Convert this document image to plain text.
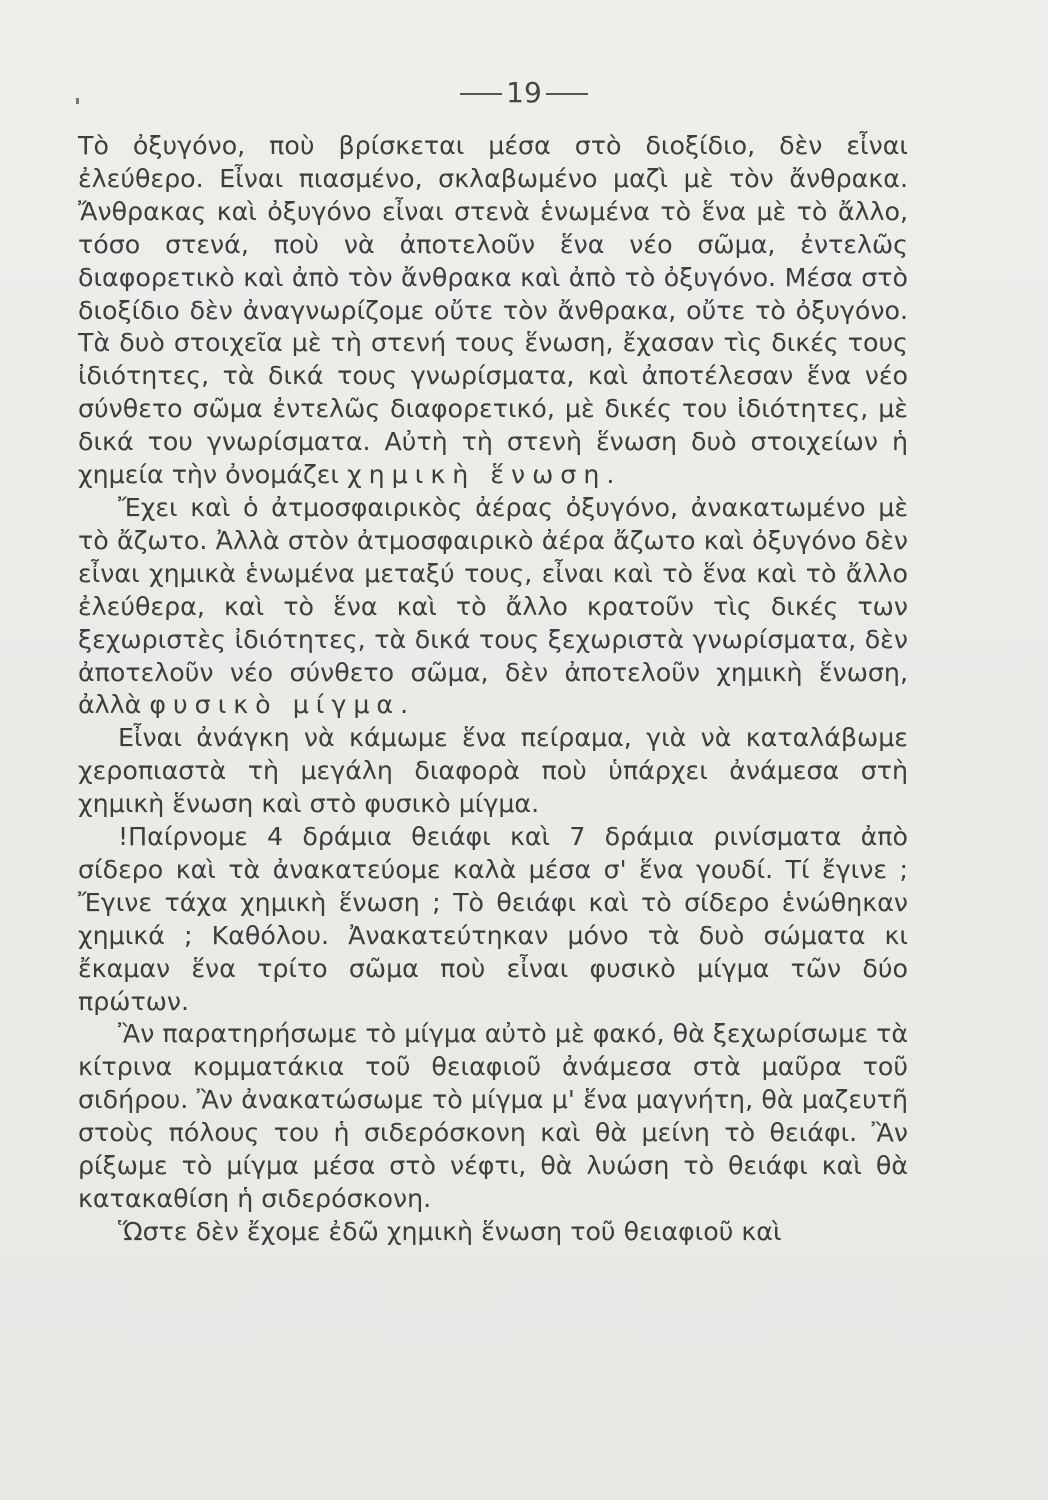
19

Τὸ ὀξυγόνο, ποὺ βρίσκεται μέσα στὸ διοξίδιο, δὲν εἶναι ἐλεύθερο. Εἶναι πιασμένο, σκλαβωμένο μαζὶ μὲ τὸν ἄνθρακα. Ἄνθρακας καὶ ὀξυγόνο εἶναι στενὰ ἑνωμένα τὸ ἕνα μὲ τὸ ἄλλο, τόσο στενά, ποὺ νὰ ἀποτελοῦν ἕνα νέο σῶμα, ἐντελῶς διαφορετικὸ καὶ ἀπὸ τὸν ἄνθρακα καὶ ἀπὸ τὸ ὀξυγόνο. Μέσα στὸ διοξίδιο δὲν ἀναγνωρίζομε οὔτε τὸν ἄνθρακα, οὔτε τὸ ὀξυγόνο. Τὰ δυὸ στοιχεῖα μὲ τὴ στενή τους ἕνωση, ἔχασαν τὶς δικές τους ἰδιότητες, τὰ δικά τους γνωρίσματα, καὶ ἀποτέλεσαν ἕνα νέο σύνθετο σῶμα ἐντελῶς διαφορετικό, μὲ δικές του ἰδιότητες, μὲ δικά του γνωρίσματα. Αὐτὴ τὴ στενὴ ἕνωση δυὸ στοιχείων ἡ χημεία τὴν ὀνομάζει χημικὴ ἕνωση.

Ἔχει καὶ ὁ ἀτμοσφαιρικὸς ἀέρας ὀξυγόνο, ἀνακατωμένο μὲ τὸ ἄζωτο. Ἀλλὰ στὸν ἀτμοσφαιρικὸ ἀέρα ἄζωτο καὶ ὀξυγόνο δὲν εἶναι χημικὰ ἑνωμένα μεταξύ τους, εἶναι καὶ τὸ ἕνα καὶ τὸ ἄλλο ἐλεύθερα, καὶ τὸ ἕνα καὶ τὸ ἄλλο κρατοῦν τὶς δικές των ξεχωριστὲς ἰδιότητες, τὰ δικά τους ξεχωριστὰ γνωρίσματα, δὲν ἀποτελοῦν νέο σύνθετο σῶμα, δὲν ἀποτελοῦν χημικὴ ἕνωση, ἀλλὰ φυσικὸ μίγμα.

Εἶναι ἀνάγκη νὰ κάμωμε ἕνα πείραμα, γιὰ νὰ καταλάβωμε χεροπιαστὰ τὴ μεγάλη διαφορὰ ποὺ ὑπάρχει ἀνάμεσα στὴ χημικὴ ἕνωση καὶ στὸ φυσικὸ μίγμα.

!Παίρνομε 4 δράμια θειάφι καὶ 7 δράμια ρινίσματα ἀπὸ σίδερο καὶ τὰ ἀνακατεύομε καλὰ μέσα σ' ἕνα γουδί. Τί ἔγινε ; Ἔγινε τάχα χημικὴ ἕνωση ; Τὸ θειάφι καὶ τὸ σίδερο ἑνώθηκαν χημικά ; Καθόλου. Ἀνακατεύτηκαν μόνο τὰ δυὸ σώματα κι ἔκαμαν ἕνα τρίτο σῶμα ποὺ εἶναι φυσικὸ μίγμα τῶν δύο πρώτων.

Ἂν παρατηρήσωμε τὸ μίγμα αὐτὸ μὲ φακό, θὰ ξεχωρίσωμε τὰ κίτρινα κομματάκια τοῦ θειαφιοῦ ἀνάμεσα στὰ μαῦρα τοῦ σιδήρου. Ἂν ἀνακατώσωμε τὸ μίγμα μ' ἕνα μαγνήτη, θὰ μαζευτῆ στοὺς πόλους του ἡ σιδερόσκονη καὶ θὰ μείνη τὸ θειάφι. Ἂν ρίξωμε τὸ μίγμα μέσα στὸ νέφτι, θὰ λυώση τὸ θειάφι καὶ θὰ κατακαθίση ἡ σιδερόσκονη.

Ὥστε δὲν ἔχομε ἐδῶ χημικὴ ἕνωση τοῦ θειαφιοῦ καὶ
